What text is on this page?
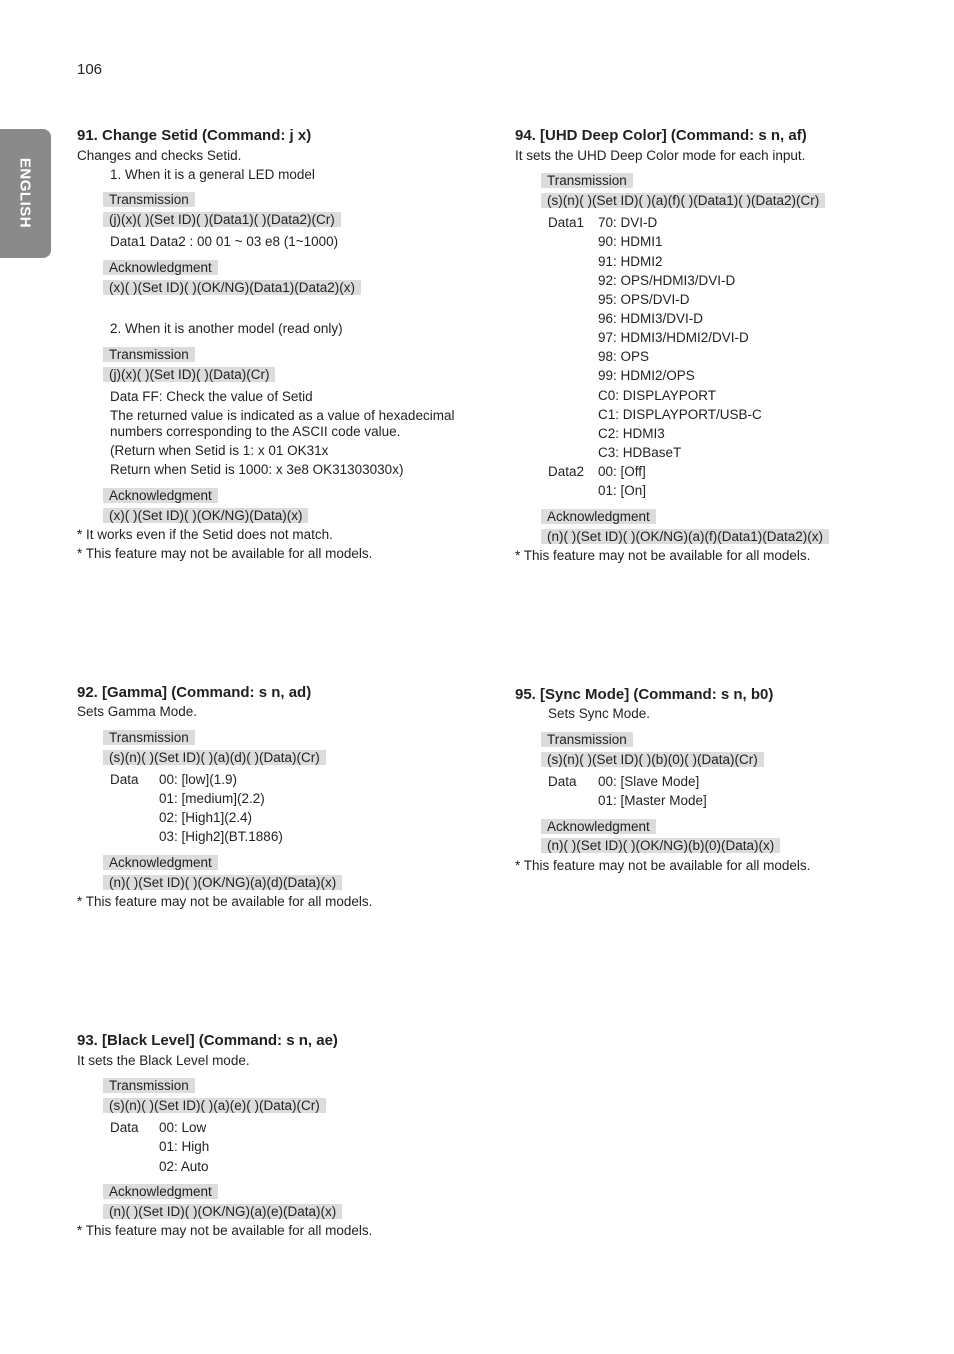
106
ENGLISH
91. Change Setid (Command: j x)
Changes and checks Setid.
1. When it is a general LED model
Transmission
(j)(x)( )(Set ID)( )(Data1)( )(Data2)(Cr)
Data1 Data2 : 00 01 ~ 03 e8 (1~1000)
Acknowledgment
(x)( )(Set ID)( )(OK/NG)(Data1)(Data2)(x)
2. When it is another model (read only)
Transmission
(j)(x)( )(Set ID)( )(Data)(Cr)
Data FF: Check the value of Setid
The returned value is indicated as a value of hexadecimal
numbers corresponding to the ASCII code value.
(Return when Setid is 1: x 01 OK31x
Return when Setid is 1000: x 3e8 OK31303030x)
Acknowledgment
(x)( )(Set ID)( )(OK/NG)(Data)(x)
* It works even if the Setid does not match.
* This feature may not be available for all models.
92. [Gamma] (Command: s n, ad)
Sets Gamma Mode.
Transmission
(s)(n)( )(Set ID)( )(a)(d)( )(Data)(Cr)
Data 00: [low](1.9)
01: [medium](2.2)
02: [High1](2.4)
03: [High2](BT.1886)
Acknowledgment
(n)( )(Set ID)( )(OK/NG)(a)(d)(Data)(x)
* This feature may not be available for all models.
93. [Black Level] (Command: s n, ae)
It sets the Black Level mode.
Transmission
(s)(n)( )(Set ID)( )(a)(e)( )(Data)(Cr)
Data 00: Low
01: High
02: Auto
Acknowledgment
(n)( )(Set ID)( )(OK/NG)(a)(e)(Data)(x)
* This feature may not be available for all models.
94. [UHD Deep Color] (Command: s n, af)
It sets the UHD Deep Color mode for each input.
Transmission
(s)(n)( )(Set ID)( )(a)(f)( )(Data1)( )(Data2)(Cr)
Data1 70: DVI-D
90: HDMI1
91: HDMI2
92: OPS/HDMI3/DVI-D
95: OPS/DVI-D
96: HDMI3/DVI-D
97: HDMI3/HDMI2/DVI-D
98: OPS
99: HDMI2/OPS
C0: DISPLAYPORT
C1: DISPLAYPORT/USB-C
C2: HDMI3
C3: HDBaseT
Data2 00: [Off]
01: [On]
Acknowledgment
(n)( )(Set ID)( )(OK/NG)(a)(f)(Data1)(Data2)(x)
* This feature may not be available for all models.
95. [Sync Mode] (Command: s n, b0)
Sets Sync Mode.
Transmission
(s)(n)( )(Set ID)( )(b)(0)( )(Data)(Cr)
Data 00: [Slave Mode]
01: [Master Mode]
Acknowledgment
(n)( )(Set ID)( )(OK/NG)(b)(0)(Data)(x)
* This feature may not be available for all models.
